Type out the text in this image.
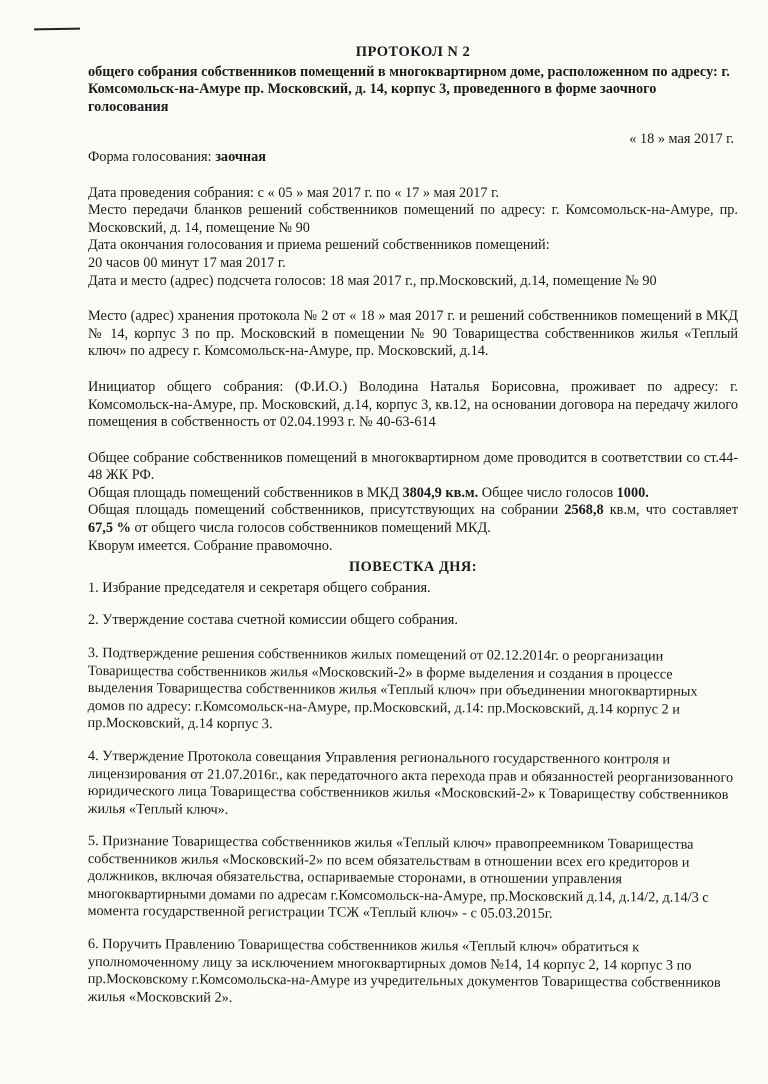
ПРОТОКОЛ N 2
общего собрания собственников помещений в многоквартирном доме, расположенном по адресу: г. Комсомольск-на-Амуре пр. Московский, д. 14, корпус 3, проведенного в форме заочного голосования
« 18 » мая 2017 г.
Форма голосования: заочная

Дата проведения собрания: с « 05 » мая 2017 г. по « 17 » мая 2017 г.

Место передачи бланков решений собственников помещений по адресу: г. Комсомольск-на-Амуре, пр. Московский, д. 14, помещение № 90

Дата окончания голосования и приема решений собственников помещений:

20 часов 00 минут 17 мая 2017 г.

Дата и место (адрес) подсчета голосов: 18 мая 2017 г., пр.Московский, д.14, помещение № 90

Место (адрес) хранения протокола № 2 от « 18 » мая 2017 г. и решений собственников помещений в МКД № 14, корпус 3 по пр. Московский в помещении № 90 Товарищества собственников жилья «Теплый ключ» по адресу г. Комсомольск-на-Амуре, пр. Московский, д.14.

Инициатор общего собрания: (Ф.И.О.) Володина Наталья Борисовна, проживает по адресу: г. Комсомольск-на-Амуре, пр. Московский, д.14, корпус 3, кв.12, на основании договора на передачу жилого помещения в собственность от 02.04.1993 г. № 40-63-614

Общее собрание собственников помещений в многоквартирном доме проводится в соответствии со ст.44-48 ЖК РФ.

Общая площадь помещений собственников в МКД 3804,9 кв.м. Общее число голосов 1000.

Общая площадь помещений собственников, присутствующих на собрании 2568,8 кв.м, что составляет 67,5 % от общего числа голосов собственников помещений МКД.

Кворум имеется. Собрание правомочно.

ПОВЕСТКА ДНЯ:
1. Избрание председателя и секретаря общего собрания.
2. Утверждение состава счетной комиссии общего собрания.
3. Подтверждение решения собственников жилых помещений от 02.12.2014г. о реорганизации Товарищества собственников жилья «Московский-2» в форме выделения и создания в процессе выделения Товарищества собственников жилья «Теплый ключ» при объединении многоквартирных домов по адресу: г.Комсомольск-на-Амуре, пр.Московский, д.14: пр.Московский, д.14 корпус 2 и пр.Московский, д.14 корпус 3.
4. Утверждение Протокола совещания Управления регионального государственного контроля и лицензирования от 21.07.2016г., как передаточного акта перехода прав и обязанностей реорганизованного юридического лица Товарищества собственников жилья «Московский-2» к Товариществу собственников жилья «Теплый ключ».
5. Признание Товарищества собственников жилья «Теплый ключ» правопреемником Товарищества собственников жилья «Московский-2» по всем обязательствам в отношении всех его кредиторов и должников, включая обязательства, оспариваемые сторонами, в отношении управления многоквартирными домами по адресам г.Комсомольск-на-Амуре, пр.Московский д.14, д.14/2, д.14/3 с момента государственной регистрации ТСЖ «Теплый ключ» - с 05.03.2015г.
6. Поручить Правлению Товарищества собственников жилья «Теплый ключ» обратиться к уполномоченному лицу за исключением многоквартирных домов №14, 14 корпус 2, 14 корпус 3 по пр.Московскому г.Комсомольска-на-Амуре из учредительных документов Товарищества собственников жилья «Московский 2».
